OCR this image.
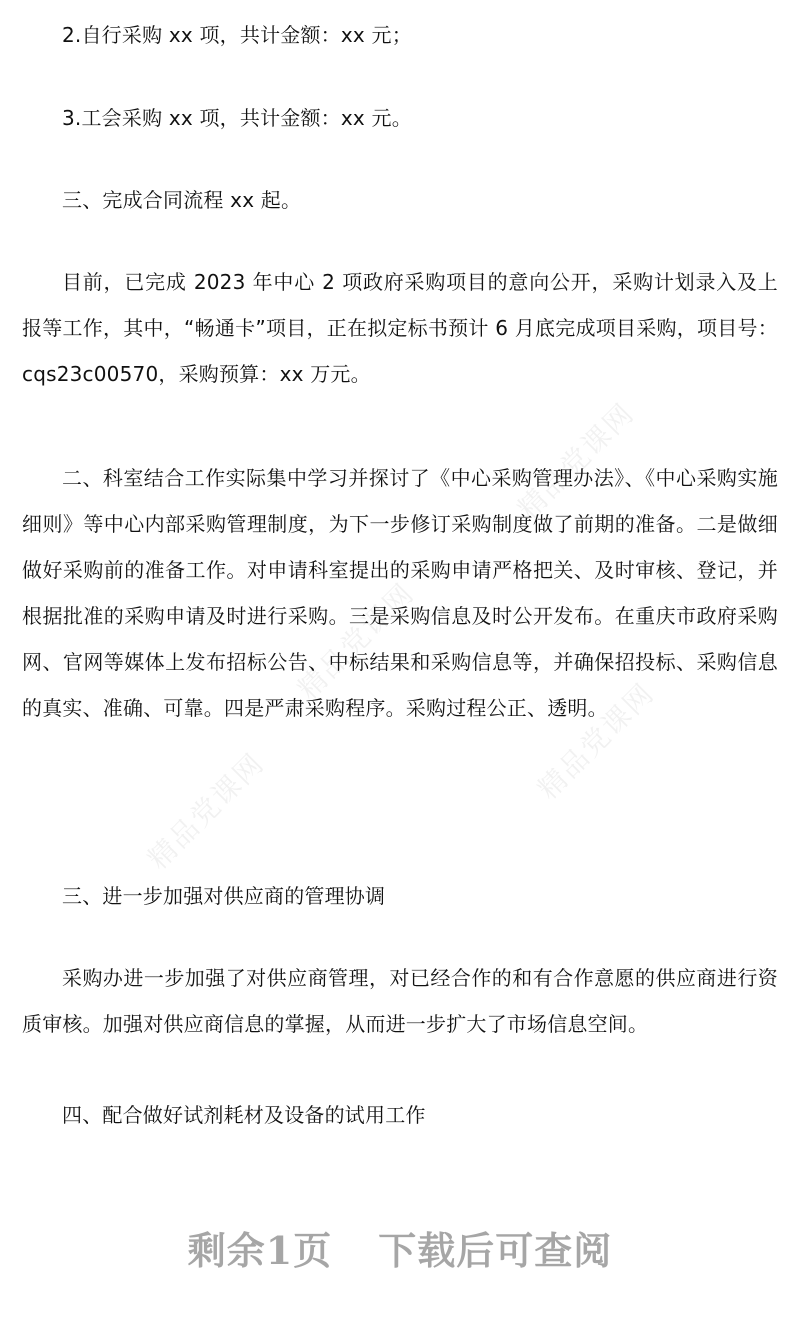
精品党课网
精品党课网
精品党课网
精品党课网

2.自行采购 xx 项，共计金额：xx 元；

3.工会采购 xx 项，共计金额：xx 元。

三、完成合同流程 xx 起。

目前，已完成 2023 年中心 2 项政府采购项目的意向公开，采购计划录入及上报等工作，其中，“畅通卡”项目，正在拟定标书预计 6 月底完成项目采购，项目号：cqs23c00570，采购预算：xx 万元。

二、科室结合工作实际集中学习并探讨了《中心采购管理办法》、《中心采购实施细则》等中心内部采购管理制度，为下一步修订采购制度做了前期的准备。二是做细做好采购前的准备工作。对申请科室提出的采购申请严格把关、及时审核、登记，并根据批准的采购申请及时进行采购。三是采购信息及时公开发布。在重庆市政府采购网、官网等媒体上发布招标公告、中标结果和采购信息等，并确保招投标、采购信息的真实、准确、可靠。四是严肃采购程序。采购过程公正、透明。

三、进一步加强对供应商的管理协调

采购办进一步加强了对供应商管理，对已经合作的和有合作意愿的供应商进行资质审核。加强对供应商信息的掌握，从而进一步扩大了市场信息空间。

四、配合做好试剂耗材及设备的试用工作

剩余1页 下载后可查阅
